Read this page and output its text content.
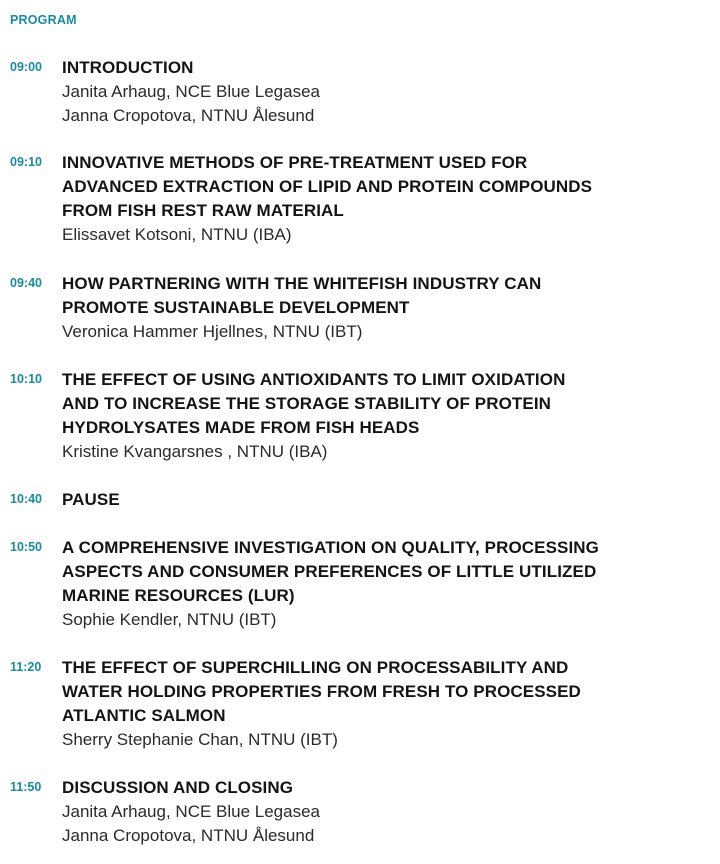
PROGRAM
09:00 INTRODUCTION
Janita Arhaug, NCE Blue Legasea
Janna Cropotova, NTNU Ålesund
09:10 INNOVATIVE METHODS OF PRE-TREATMENT USED FOR
ADVANCED EXTRACTION OF LIPID AND PROTEIN COMPOUNDS
FROM FISH REST RAW MATERIAL
Elissavet Kotsoni, NTNU (IBA)
09:40 HOW PARTNERING WITH THE WHITEFISH INDUSTRY CAN
PROMOTE SUSTAINABLE DEVELOPMENT
Veronica Hammer Hjellnes, NTNU (IBT)
10:10 THE EFFECT OF USING ANTIOXIDANTS TO LIMIT OXIDATION
AND TO INCREASE THE STORAGE STABILITY OF PROTEIN
HYDROLYSATES MADE FROM FISH HEADS
Kristine Kvangarsnes , NTNU (IBA)
10:40 PAUSE
10:50 A COMPREHENSIVE INVESTIGATION ON QUALITY, PROCESSING
ASPECTS AND CONSUMER PREFERENCES OF LITTLE UTILIZED
MARINE RESOURCES (LUR)
Sophie Kendler, NTNU (IBT)
11:20 THE EFFECT OF SUPERCHILLING ON PROCESSABILITY AND
WATER HOLDING PROPERTIES FROM FRESH TO PROCESSED
ATLANTIC SALMON
Sherry Stephanie Chan, NTNU (IBT)
11:50 DISCUSSION AND CLOSING
Janita Arhaug, NCE Blue Legasea
Janna Cropotova, NTNU Ålesund
